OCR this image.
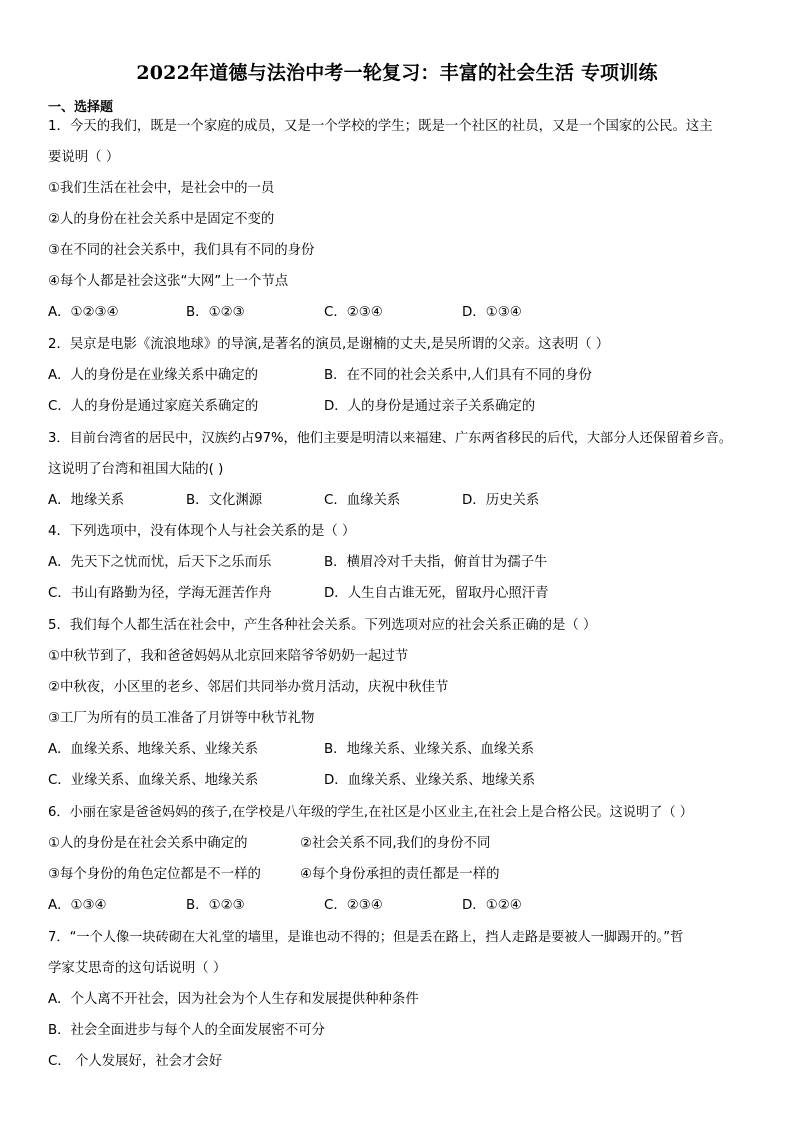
2022年道德与法治中考一轮复习：丰富的社会生活 专项训练
一、选择题
1．今天的我们，既是一个家庭的成员，又是一个学校的学生；既是一个社区的社员，又是一个国家的公民。这主
要说明（ ）
①我们生活在社会中，是社会中的一员
②人的身份在社会关系中是固定不变的
③在不同的社会关系中，我们具有不同的身份
④每个人都是社会这张“大网”上一个节点
A．①②③④	B．①②③	C．②③④	D．①③④
2．吴京是电影《流浪地球》的导演,是著名的演员,是谢楠的丈夫,是吴所谓的父亲。这表明（ ）
A．人的身份是在业缘关系中确定的	B．在不同的社会关系中,人们具有不同的身份
C．人的身份是通过家庭关系确定的	D．人的身份是通过亲子关系确定的
3．目前台湾省的居民中，汉族约占97%，他们主要是明清以来福建、广东两省移民的后代，大部分人还保留着乡音。
这说明了台湾和祖国大陆的( )
A．地缘关系	B．文化渊源	C．血缘关系	D．历史关系
4．下列选项中，没有体现个人与社会关系的是（ ）
A．先天下之忧而忧，后天下之乐而乐	B．横眉冷对千夫指，俯首甘为孺子牛
C．书山有路勤为径，学海无涯苦作舟	D．人生自古谁无死，留取丹心照汗青
5．我们每个人都生活在社会中，产生各种社会关系。下列选项对应的社会关系正确的是（ ）
①中秋节到了，我和爸爸妈妈从北京回来陪爷爷奶奶一起过节
②中秋夜，小区里的老乡、邻居们共同举办赏月活动，庆祝中秋佳节
③工厂为所有的员工准备了月饼等中秋节礼物
A．血缘关系、地缘关系、业缘关系	B．地缘关系、业缘关系、血缘关系
C．业缘关系、血缘关系、地缘关系	D．血缘关系、业缘关系、地缘关系
6．小丽在家是爸爸妈妈的孩子,在学校是八年级的学生,在社区是小区业主,在社会上是合格公民。这说明了（ ）
①人的身份是在社会关系中确定的	②社会关系不同,我们的身份不同
③每个身份的角色定位都是不一样的	④每个身份承担的责任都是一样的
A．①③④	B．①②③	C．②③④	D．①②④
7．“一个人像一块砖砌在大礼堂的墙里，是谁也动不得的；但是丢在路上，挡人走路是要被人一脚踢开的。”哲
学家艾思奇的这句话说明（ ）
A．个人离不开社会，因为社会为个人生存和发展提供种种条件
B．社会全面进步与每个人的全面发展密不可分
C． 个人发展好，社会才会好
